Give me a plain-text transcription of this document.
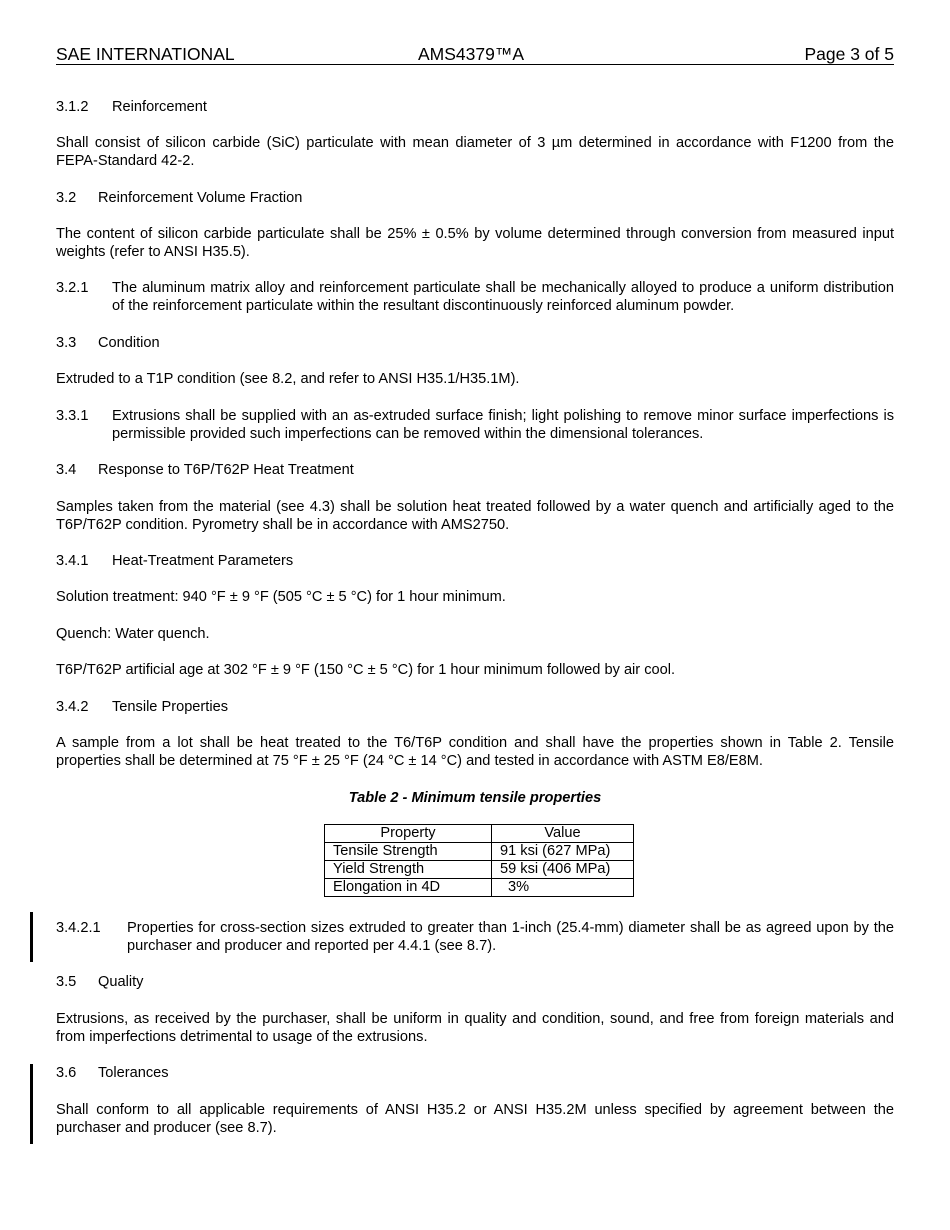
SAE INTERNATIONAL	AMS4379™A	Page 3 of 5
3.1.2 Reinforcement
Shall consist of silicon carbide (SiC) particulate with mean diameter of 3 µm determined in accordance with F1200 from the FEPA-Standard 42-2.
3.2 Reinforcement Volume Fraction
The content of silicon carbide particulate shall be 25% ± 0.5% by volume determined through conversion from measured input weights (refer to ANSI H35.5).
3.2.1 The aluminum matrix alloy and reinforcement particulate shall be mechanically alloyed to produce a uniform distribution of the reinforcement particulate within the resultant discontinuously reinforced aluminum powder.
3.3 Condition
Extruded to a T1P condition (see 8.2, and refer to ANSI H35.1/H35.1M).
3.3.1 Extrusions shall be supplied with an as-extruded surface finish; light polishing to remove minor surface imperfections is permissible provided such imperfections can be removed within the dimensional tolerances.
3.4 Response to T6P/T62P Heat Treatment
Samples taken from the material (see 4.3) shall be solution heat treated followed by a water quench and artificially aged to the T6P/T62P condition. Pyrometry shall be in accordance with AMS2750.
3.4.1 Heat-Treatment Parameters
Solution treatment: 940 °F ± 9 °F (505 °C ± 5 °C) for 1 hour minimum.
Quench: Water quench.
T6P/T62P artificial age at 302 °F ± 9 °F (150 °C ± 5 °C) for 1 hour minimum followed by air cool.
3.4.2 Tensile Properties
A sample from a lot shall be heat treated to the T6/T6P condition and shall have the properties shown in Table 2. Tensile properties shall be determined at 75 °F ± 25 °F (24 °C ± 14 °C) and tested in accordance with ASTM E8/E8M.
Table 2 - Minimum tensile properties
Property	Value
Tensile Strength	91 ksi (627 MPa)
Yield Strength	59 ksi (406 MPa)
Elongation in 4D	3%
3.4.2.1 Properties for cross-section sizes extruded to greater than 1-inch (25.4-mm) diameter shall be as agreed upon by the purchaser and producer and reported per 4.4.1 (see 8.7).
3.5 Quality
Extrusions, as received by the purchaser, shall be uniform in quality and condition, sound, and free from foreign materials and from imperfections detrimental to usage of the extrusions.
3.6 Tolerances
Shall conform to all applicable requirements of ANSI H35.2 or ANSI H35.2M unless specified by agreement between the purchaser and producer (see 8.7).
